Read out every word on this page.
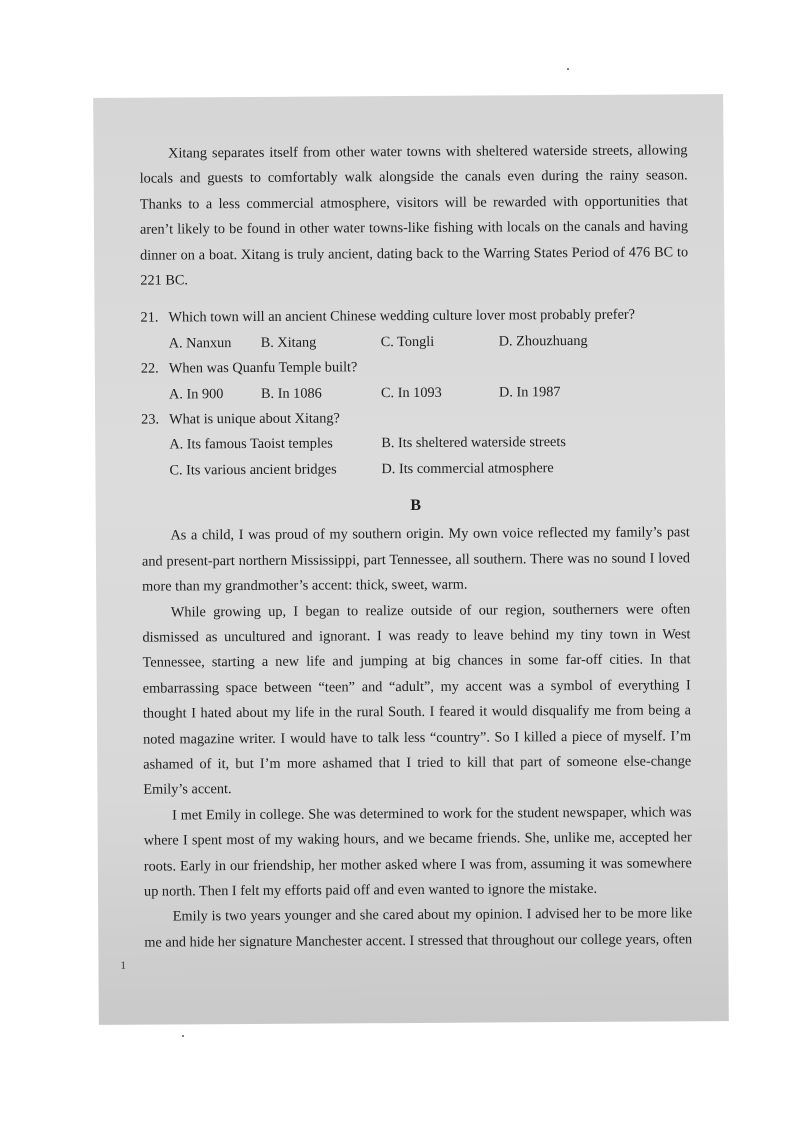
Xitang separates itself from other water towns with sheltered waterside streets, allowing locals and guests to comfortably walk alongside the canals even during the rainy season. Thanks to a less commercial atmosphere, visitors will be rewarded with opportunities that aren’t likely to be found in other water towns-like fishing with locals on the canals and having dinner on a boat. Xitang is truly ancient, dating back to the Warring States Period of 476 BC to 221 BC.

21. Which town will an ancient Chinese wedding culture lover most probably prefer?

A. Nanxun	B. Xitang	C. Tongli	D. Zhouzhuang

22. When was Quanfu Temple built?

A. In 900	B. In 1086	C. In 1093	D. In 1987

23. What is unique about Xitang?

A. Its famous Taoist temples	B. Its sheltered waterside streets
C. Its various ancient bridges	D. Its commercial atmosphere
B

As a child, I was proud of my southern origin. My own voice reflected my family’s past and present-part northern Mississippi, part Tennessee, all southern. There was no sound I loved more than my grandmother’s accent: thick, sweet, warm.

While growing up, I began to realize outside of our region, southerners were often dismissed as uncultured and ignorant. I was ready to leave behind my tiny town in West Tennessee, starting a new life and jumping at big chances in some far-off cities. In that embarrassing space between “teen” and “adult”, my accent was a symbol of everything I thought I hated about my life in the rural South. I feared it would disqualify me from being a noted magazine writer. I would have to talk less “country”. So I killed a piece of myself. I’m ashamed of it, but I’m more ashamed that I tried to kill that part of someone else-change Emily’s accent.

I met Emily in college. She was determined to work for the student newspaper, which was where I spent most of my waking hours, and we became friends. She, unlike me, accepted her roots. Early in our friendship, her mother asked where I was from, assuming it was somewhere up north. Then I felt my efforts paid off and even wanted to ignore the mistake.

Emily is two years younger and she cared about my opinion. I advised her to be more like me and hide her signature Manchester accent. I stressed that throughout our college years, often

1
